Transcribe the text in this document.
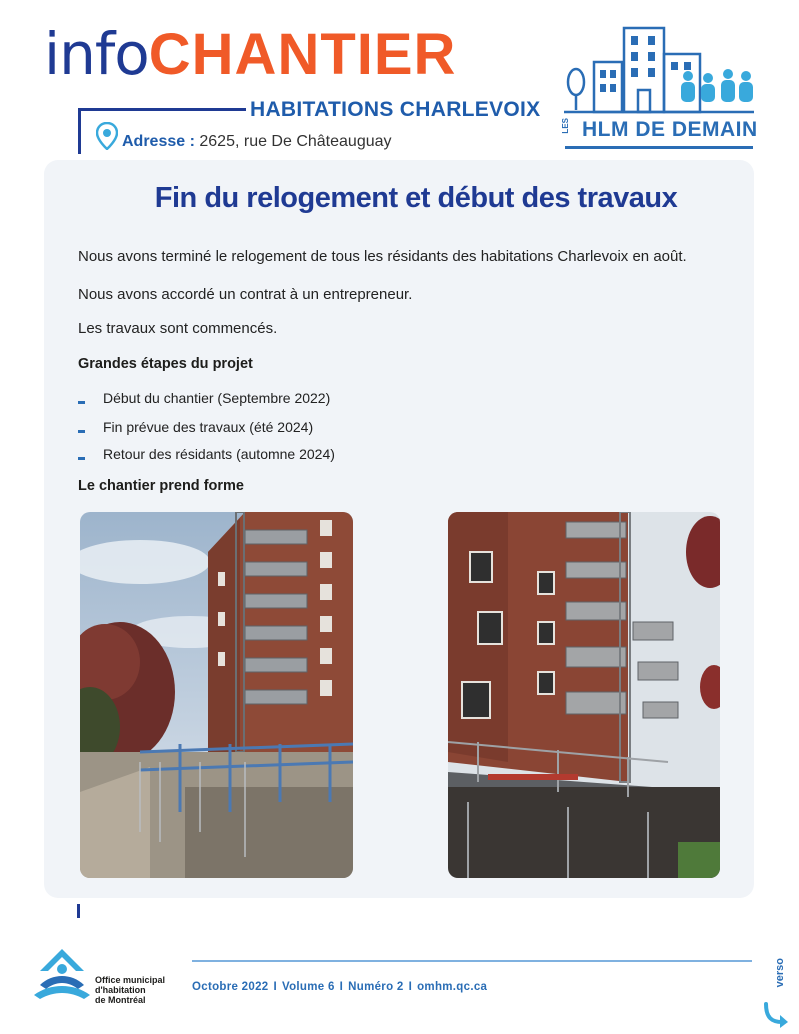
infoCHANTIER
HABITATIONS CHARLEVOIX
Adresse : 2625, rue De Châteauguay
LES HLM DE DEMAIN
Fin du relogement et début des travaux
Nous avons terminé le relogement de tous les résidants des habitations Charlevoix en août.
Nous avons accordé un contrat à un entrepreneur.
Les travaux sont commencés.
Grandes étapes du projet
Début du chantier (Septembre 2022)
Fin prévue des travaux (été 2024)
Retour des résidants (automne 2024)
Le chantier prend forme
Office municipal
d'habitation
de Montréal
Octobre 2022 I Volume 6 I Numéro 2 I omhm.qc.ca	verso
